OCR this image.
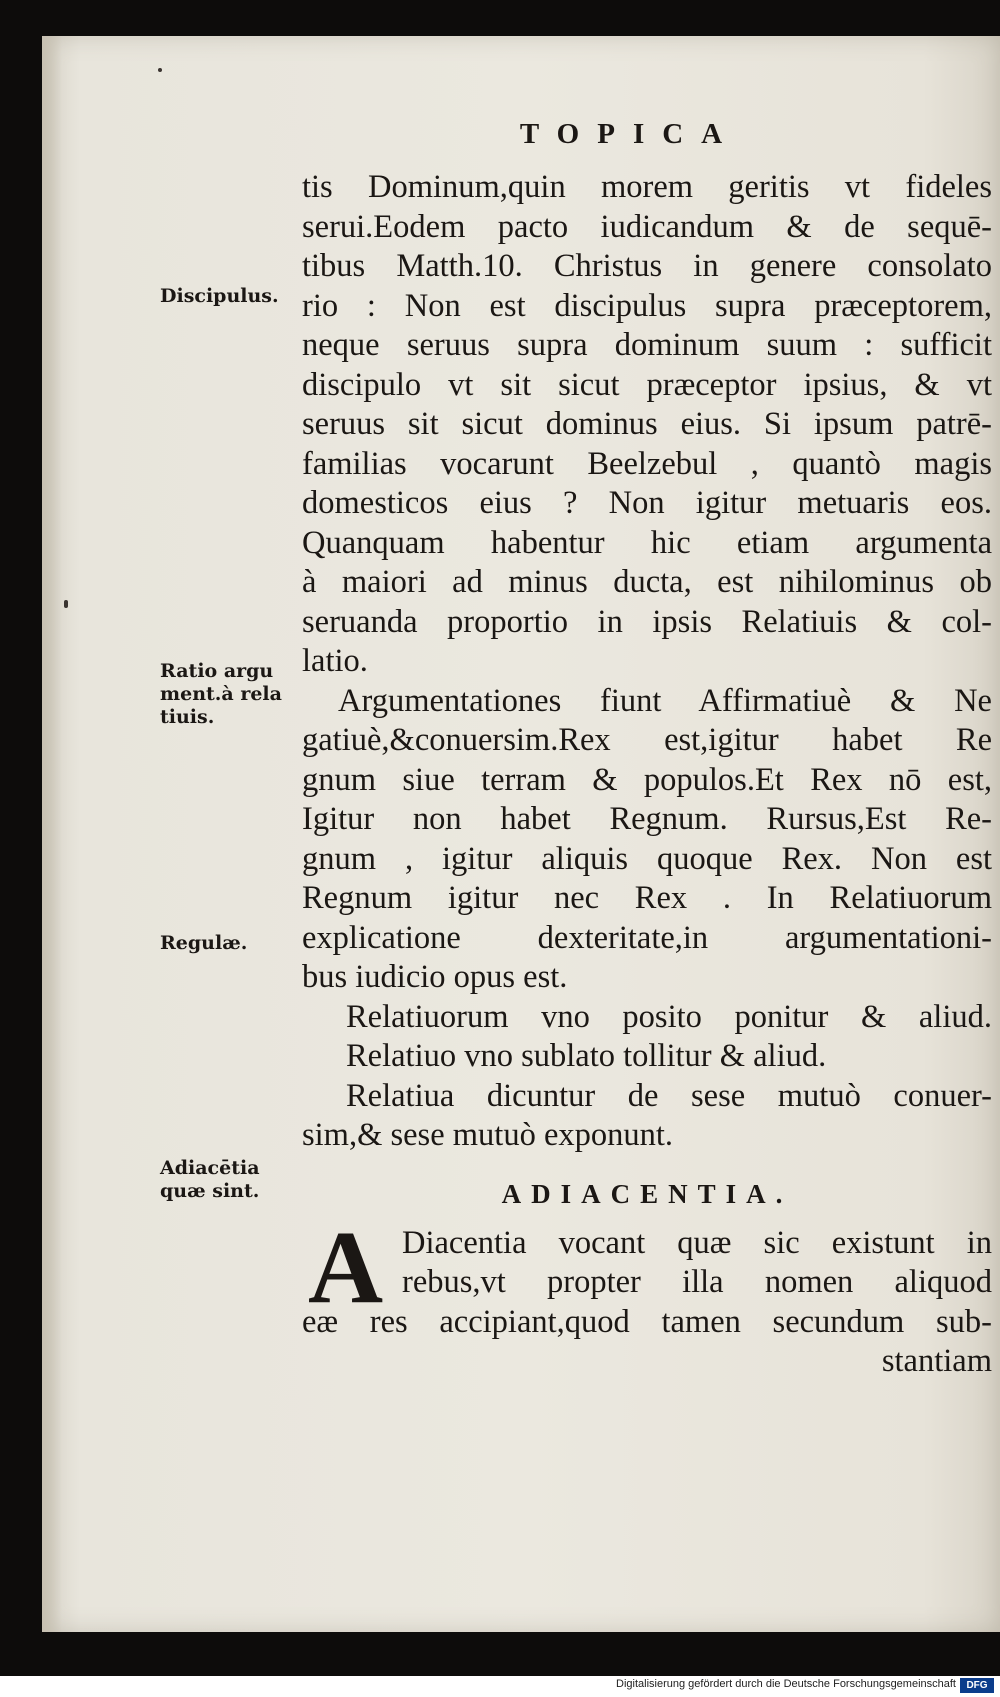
TOPICA
Discipulus.
Ratio argu
ment.à rela
tiuis.
Regulæ.
Adiacētia
quæ sint.
tis Dominum,quin morem geritis vt fideles
serui.Eodem pacto iudicandum & de sequē-
tibus Matth.10. Christus in genere consolato
rio : Non est discipulus supra præceptorem,
neque seruus supra dominum suum : sufficit
discipulo vt sit sicut præceptor ipsius, & vt
seruus sit sicut dominus eius. Si ipsum patrē-
familias vocarunt Beelzebul , quantò magis
domesticos eius ? Non igitur metuaris eos.
Quanquam habentur hic etiam argumenta
à maiori ad minus ducta, est nihilominus ob
seruanda proportio in ipsis Relatiuis & col-
latio.
Argumentationes fiunt Affirmatiuè & Ne
gatiuè,&conuersim.Rex est,igitur habet Re
gnum siue terram & populos.Et Rex nō est,
Igitur non habet Regnum. Rursus,Est Re-
gnum , igitur aliquis quoque Rex. Non est
Regnum igitur nec Rex . In Relatiuorum
explicatione dexteritate,in argumentationi-
bus iudicio opus est.
Relatiuorum vno posito ponitur & aliud.
Relatiuo vno sublato tollitur & aliud.
Relatiua dicuntur de sese mutuò conuer-
sim,& sese mutuò exponunt.
ADIACENTIA.
A Diacentia vocant quæ sic existunt in
rebus,vt propter illa nomen aliquod
eæ res accipiant,quod tamen secundum sub-
stantiam
Digitalisierung gefördert durch die Deutsche Forschungsgemeinschaft	DFG
